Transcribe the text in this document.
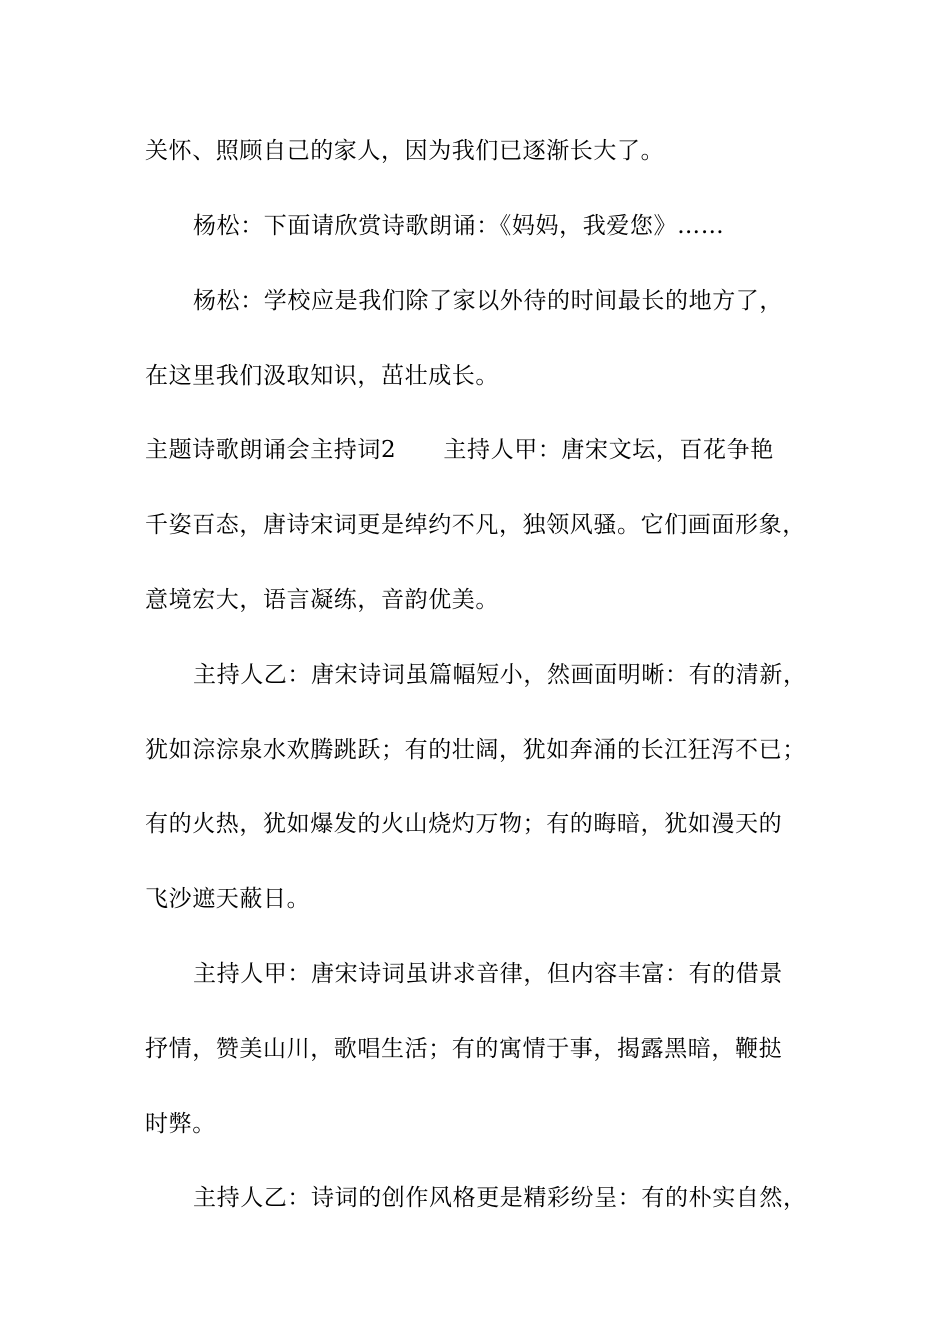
关怀、照顾自己的家人，因为我们已逐渐长大了。

杨松：下面请欣赏诗歌朗诵：《妈妈，我爱您》……

杨松：学校应是我们除了家以外待的时间最长的地方了，

在这里我们汲取知识，茁壮成长。

主题诗歌朗诵会主持词2　　主持人甲：唐宋文坛，百花争艳

千姿百态，唐诗宋词更是绰约不凡，独领风骚。它们画面形象，

意境宏大，语言凝练，音韵优美。

主持人乙：唐宋诗词虽篇幅短小，然画面明晰：有的清新，

犹如淙淙泉水欢腾跳跃；有的壮阔，犹如奔涌的长江狂泻不已；

有的火热，犹如爆发的火山烧灼万物；有的晦暗，犹如漫天的

飞沙遮天蔽日。

主持人甲：唐宋诗词虽讲求音律，但内容丰富：有的借景

抒情，赞美山川，歌唱生活；有的寓情于事，揭露黑暗，鞭挞

时弊。

主持人乙：诗词的创作风格更是精彩纷呈：有的朴实自然，
